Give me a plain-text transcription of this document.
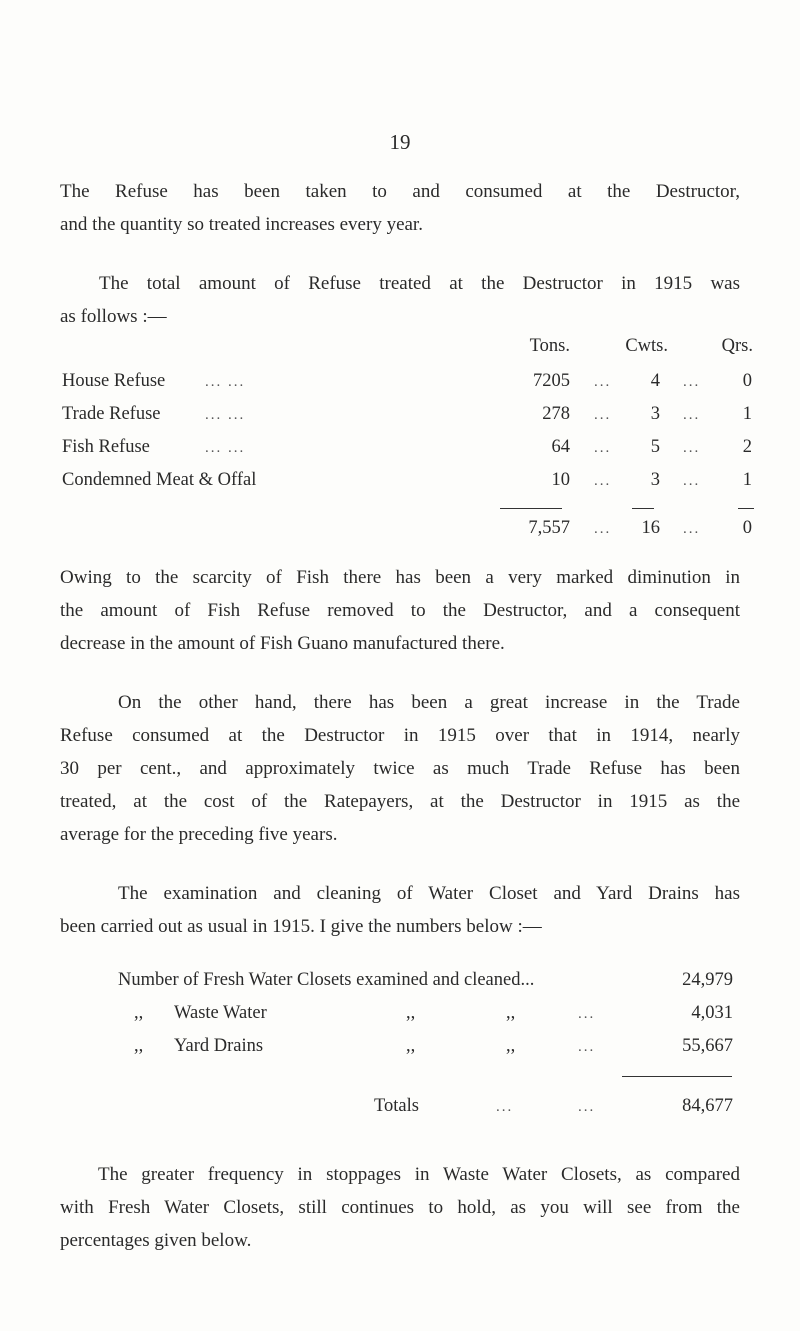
19
The Refuse has been taken to and consumed at the Destructor,
and the quantity so treated increases every year.
The total amount of Refuse treated at the Destructor in 1915 was
as follows :—
Tons.	Cwts.	Qrs.
House Refuse	... ...	7205 ...	4 ...	0
Trade Refuse	... ...	278 ...	3 ...	1
Fish Refuse	... ...	64 ...	5 ...	2
Condemned Meat & Offal	10 ...	3 ...	1
7,557 ...	16 ...	0
Owing to the scarcity of Fish there has been a very marked diminution in
the amount of Fish Refuse removed to the Destructor, and a consequent
decrease in the amount of Fish Guano manufactured there.
On the other hand, there has been a great increase in the Trade
Refuse consumed at the Destructor in 1915 over that in 1914, nearly
30 per cent., and approximately twice as much Trade Refuse has been
treated, at the cost of the Ratepayers, at the Destructor in 1915 as the
average for the preceding five years.
The examination and cleaning of Water Closet and Yard Drains has
been carried out as usual in 1915. I give the numbers below :—
Number of Fresh Water Closets examined and cleaned...	24,979
,, Waste Water	,,	,,	...	4,031
,, Yard Drains	,,	,,	...	55,667
Totals	...	...	84,677
The greater frequency in stoppages in Waste Water Closets, as compared
with Fresh Water Closets, still continues to hold, as you will see from the
percentages given below.
